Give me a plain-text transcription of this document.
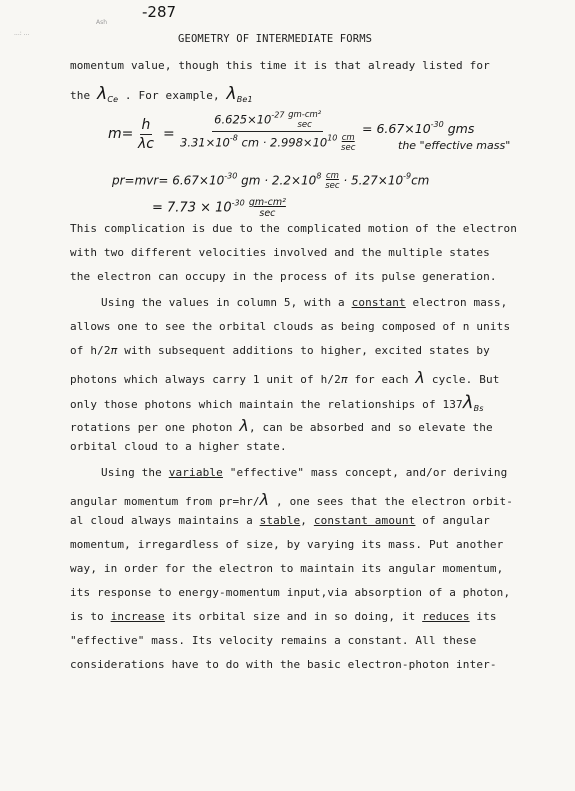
-287
Ash
...: ...	GEOMETRY OF INTERMEDIATE FORMS
momentum value, though this time it is that already listed for
the $\lambda_{Ce}$ . For example, $\lambda_{Be1}$
$m= \frac{h}{\lambda c}$ =
$6.625\times 10^{-27}$ gm-cm²
sec
$3.31\times 10^{-8}$ cm · $2.998\times 10^{10}$ cm
sec
= $6.67\times 10^{-30}$ gms
the "effective mass"
$pr=mvr= 6.67\times 10^{-30}$ gm · $2.2\times 10^8$ cm
$\sec \cdot 5.27\times 10^{-9}cm$
= $7.73 \times 10^{-30}$ gm-cm²
sec
This complication is due to the complicated motion of the electron
with two different velocities involved and the multiple states
the electron can occupy in the process of its pulse generation.
Using the values in column 5, with a constant electron mass,
allows one to see the orbital clouds as being composed of n units
of h/2π with subsequent additions to higher, excited states by
photons which always carry 1 unit of h/2π for each λ cycle. But
only those photons which maintain the relationships of $137\lambda_{Bs}$
rotations per one photon λ, can be absorbed and so elevate the
orbital cloud to a higher state.
Using the variable "effective" mass concept, and/or deriving
angular momentum from pr=hr/λ , one sees that the electron orbit-
al cloud always maintains a stable, constant amount of angular
momentum, irregardless of size, by varying its mass. Put another
way, in order for the electron to maintain its angular momentum,
its response to energy-momentum input,via absorption of a photon,
is to increase its orbital size and in so doing, it reduces its
"effective" mass. Its velocity remains a constant. All these
considerations have to do with the basic electron-photon inter-
